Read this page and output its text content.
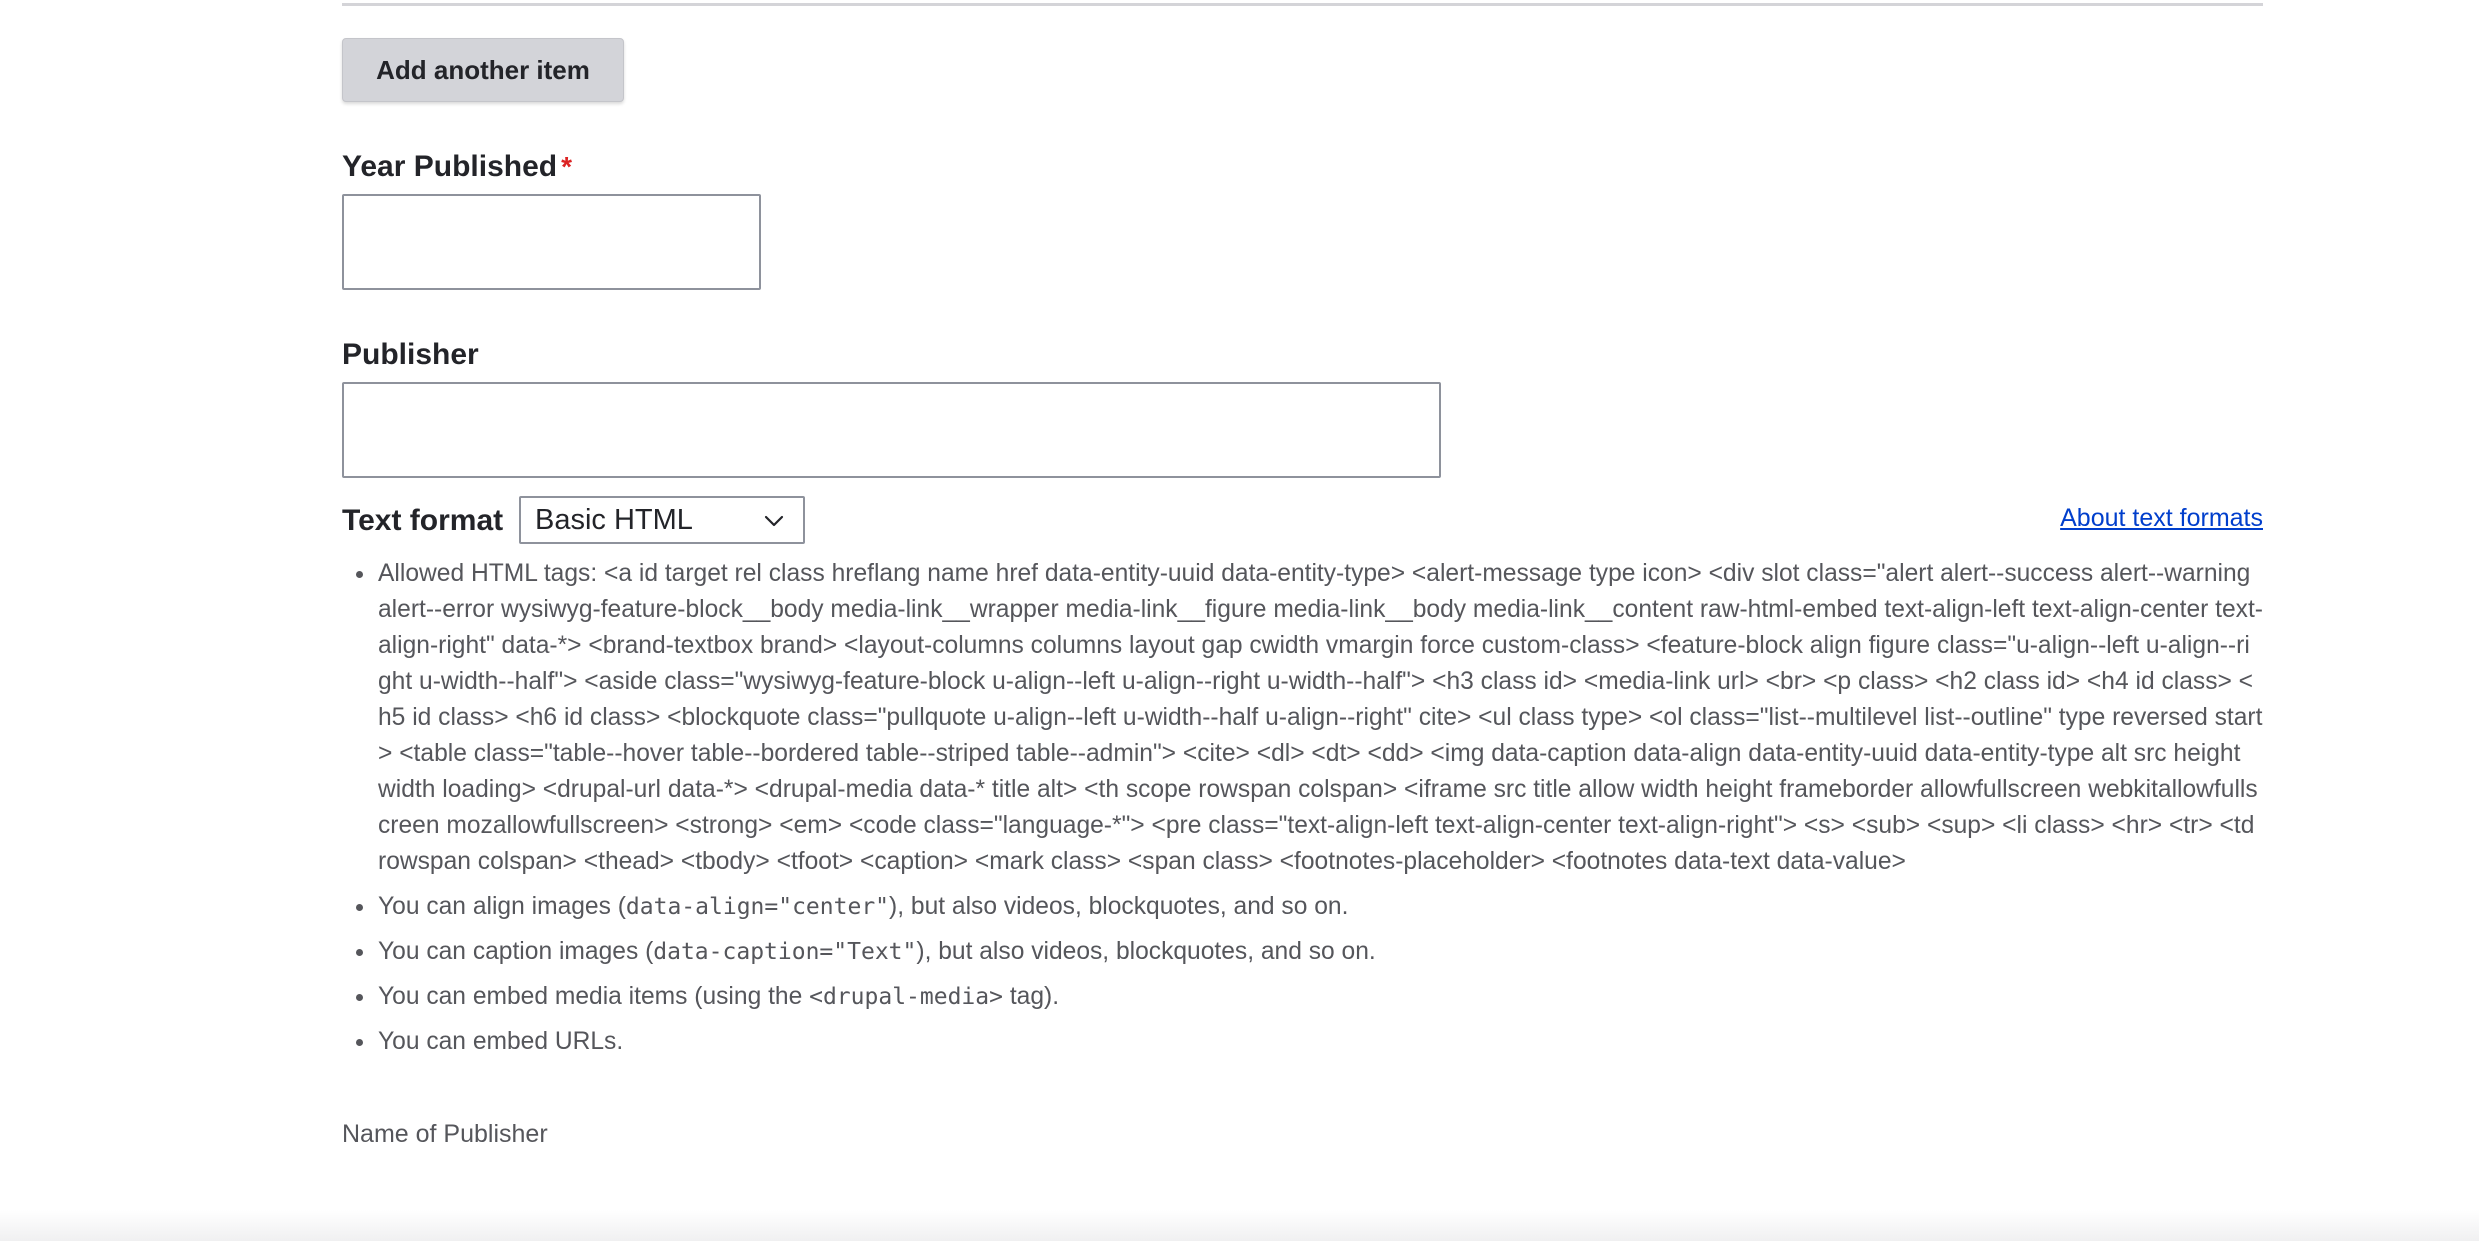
Add another item
Year Published *
Publisher
Text format Basic HTML	About text formats
Allowed HTML tags: <a id target rel class hreflang name href data-entity-uuid data-entity-type> <alert-message type icon> <div slot class="alert alert--success alert--warning alert--error wysiwyg-feature-block__body media-link__wrapper media-link__figure media-link__body media-link__content raw-html-embed text-align-left text-align-center text-align-right" data-*> <brand-textbox brand> <layout-columns columns layout gap cwidth vmargin force custom-class> <feature-block align figure class="u-align--left u-align--right u-width--half"> <aside class="wysiwyg-feature-block u-align--left u-align--right u-width--half"> <h3 class id> <media-link url> <br> <p class> <h2 class id> <h4 id class> <h5 id class> <h6 id class> <blockquote class="pullquote u-align--left u-width--half u-align--right" cite> <ul class type> <ol class="list--multilevel list--outline" type reversed start> <table class="table--hover table--bordered table--striped table--admin"> <cite> <dl> <dt> <dd> <img data-caption data-align data-entity-uuid data-entity-type alt src height width loading> <drupal-url data-*> <drupal-media data-* title alt> <th scope rowspan colspan> <iframe src title allow width height frameborder allowfullscreen webkitallowfullscreen mozallowfullscreen> <strong> <em> <code class="language-*"> <pre class="text-align-left text-align-center text-align-right"> <s> <sub> <sup> <li class> <hr> <tr> <td rowspan colspan> <thead> <tbody> <tfoot> <caption> <mark class> <span class> <footnotes-placeholder> <footnotes data-text data-value>
You can align images (data-align="center"), but also videos, blockquotes, and so on.
You can caption images (data-caption="Text"), but also videos, blockquotes, and so on.
You can embed media items (using the <drupal-media> tag).
You can embed URLs.
Name of Publisher
